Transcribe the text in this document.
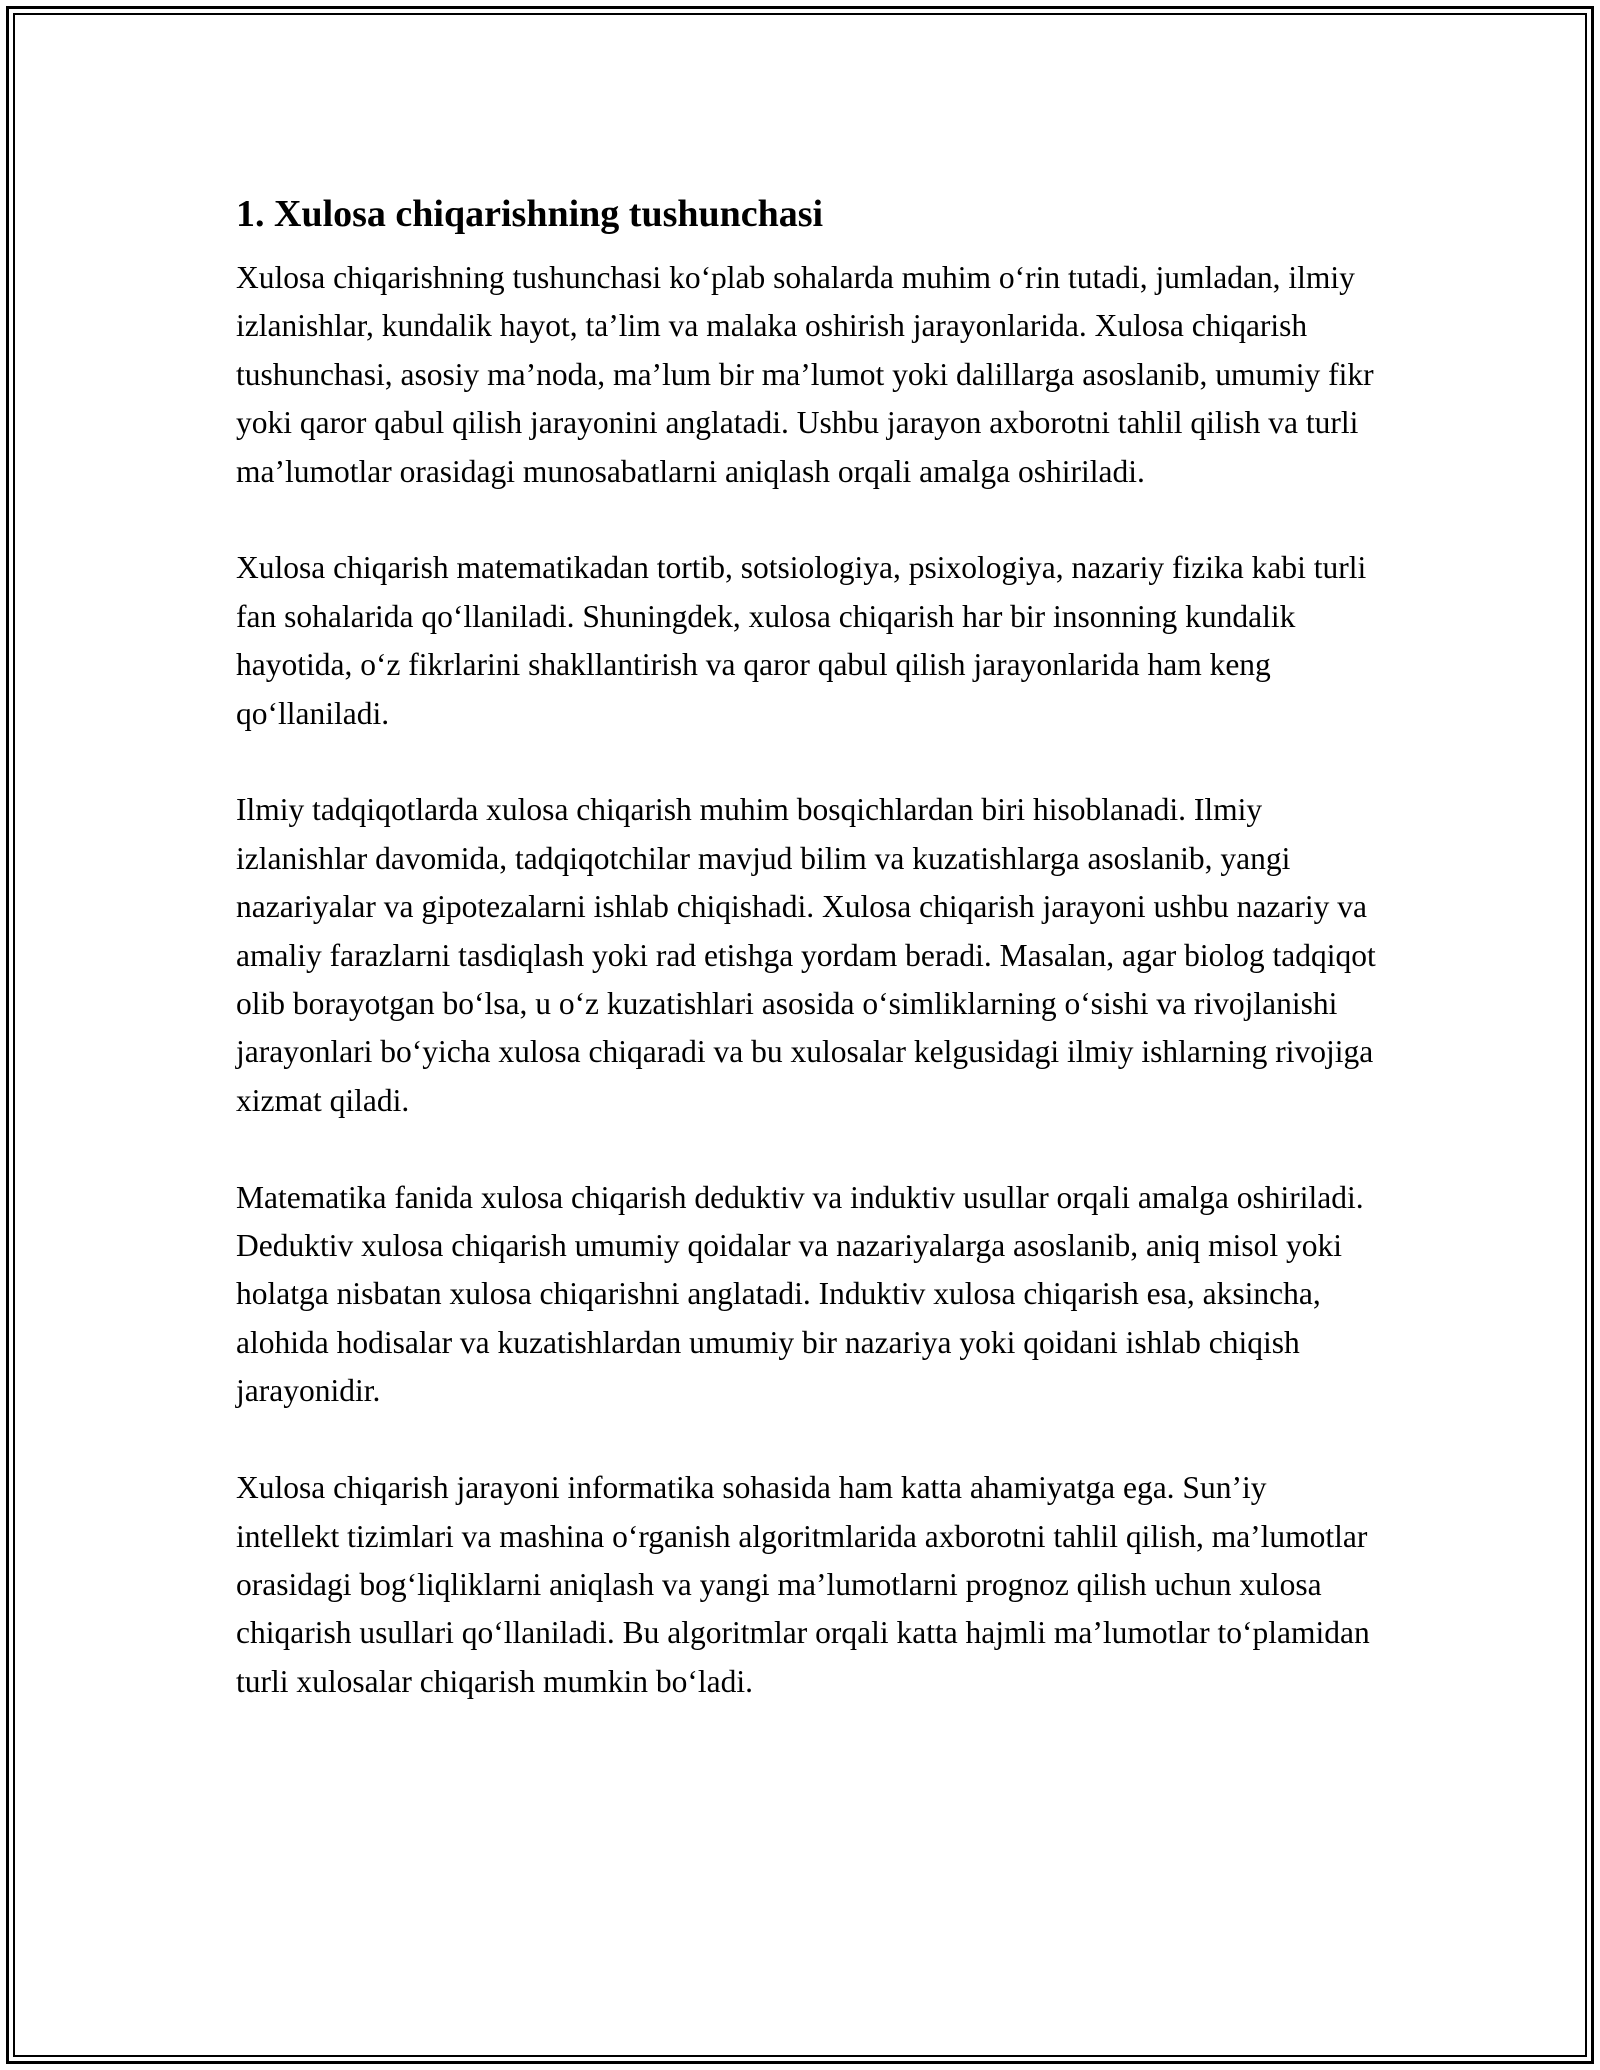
1. Xulosa chiqarishning tushunchasi

Xulosa chiqarishning tushunchasi ko‘plab sohalarda muhim o‘rin tutadi, jumladan, ilmiy izlanishlar, kundalik hayot, ta’lim va malaka oshirish jarayonlarida. Xulosa chiqarish tushunchasi, asosiy ma’noda, ma’lum bir ma’lumot yoki dalillarga asoslanib, umumiy fikr yoki qaror qabul qilish jarayonini anglatadi. Ushbu jarayon axborotni tahlil qilish va turli ma’lumotlar orasidagi munosabatlarni aniqlash orqali amalga oshiriladi.

Xulosa chiqarish matematikadan tortib, sotsiologiya, psixologiya, nazariy fizika kabi turli fan sohalarida qo‘llaniladi. Shuningdek, xulosa chiqarish har bir insonning kundalik hayotida, o‘z fikrlarini shakllantirish va qaror qabul qilish jarayonlarida ham keng qo‘llaniladi.

Ilmiy tadqiqotlarda xulosa chiqarish muhim bosqichlardan biri hisoblanadi. Ilmiy izlanishlar davomida, tadqiqotchilar mavjud bilim va kuzatishlarga asoslanib, yangi nazariyalar va gipotezalarni ishlab chiqishadi. Xulosa chiqarish jarayoni ushbu nazariy va amaliy farazlarni tasdiqlash yoki rad etishga yordam beradi. Masalan, agar biolog tadqiqot olib borayotgan bo‘lsa, u o‘z kuzatishlari asosida o‘simliklarning o‘sishi va rivojlanishi jarayonlari bo‘yicha xulosa chiqaradi va bu xulosalar kelgusidagi ilmiy ishlarning rivojiga xizmat qiladi.

Matematika fanida xulosa chiqarish deduktiv va induktiv usullar orqali amalga oshiriladi. Deduktiv xulosa chiqarish umumiy qoidalar va nazariyalarga asoslanib, aniq misol yoki holatga nisbatan xulosa chiqarishni anglatadi. Induktiv xulosa chiqarish esa, aksincha, alohida hodisalar va kuzatishlardan umumiy bir nazariya yoki qoidani ishlab chiqish jarayonidir.

Xulosa chiqarish jarayoni informatika sohasida ham katta ahamiyatga ega. Sun’iy intellekt tizimlari va mashina o‘rganish algoritmlarida axborotni tahlil qilish, ma’lumotlar orasidagi bog‘liqliklarni aniqlash va yangi ma’lumotlarni prognoz qilish uchun xulosa chiqarish usullari qo‘llaniladi. Bu algoritmlar orqali katta hajmli ma’lumotlar to‘plamidan turli xulosalar chiqarish mumkin bo‘ladi.
